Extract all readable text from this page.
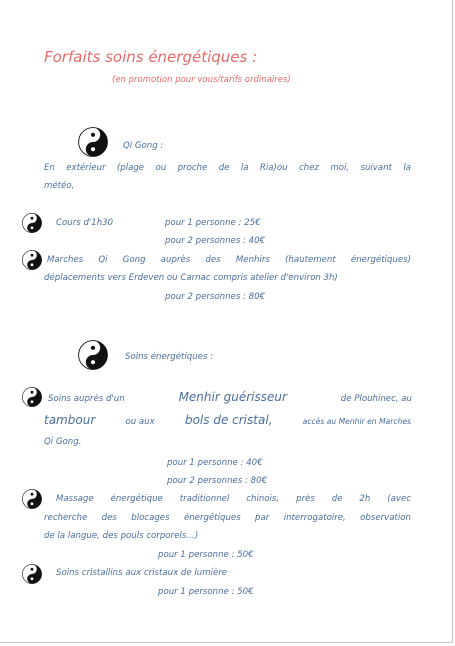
Forfaits soins énergétiques :
(en promotion pour vous/tarifs ordinaires)
Qi Gong :
En extérieur (plage ou proche de la Ria)ou chez moi, suivant la
météo,
Cours d'1h30	pour 1 personne : 25€
pour 2 personnes : 40€
Marches Qi Gong auprès des Menhirs (hautement énergétiques)
déplacements vers Erdeven ou Carnac compris atelier d'environ 3h)
pour 2 personnes : 80€
Soins énergétiques :
Soins auprès d'un	Menhir guérisseur	de Plouhinec, au
tambour	ou aux	bols de cristal,	accès au Menhir en Marches
Qi Gong.
pour 1 personne : 40€
pour 2 personnes : 80€
Massage énergétique traditionnel chinois, près de 2h (avec
recherche des blocages énergétiques par interrogatoire, observation
de la langue, des pouls corporels…)
pour 1 personne : 50€
Soins cristallins aux cristaux de lumière
pour 1 personne : 50€
